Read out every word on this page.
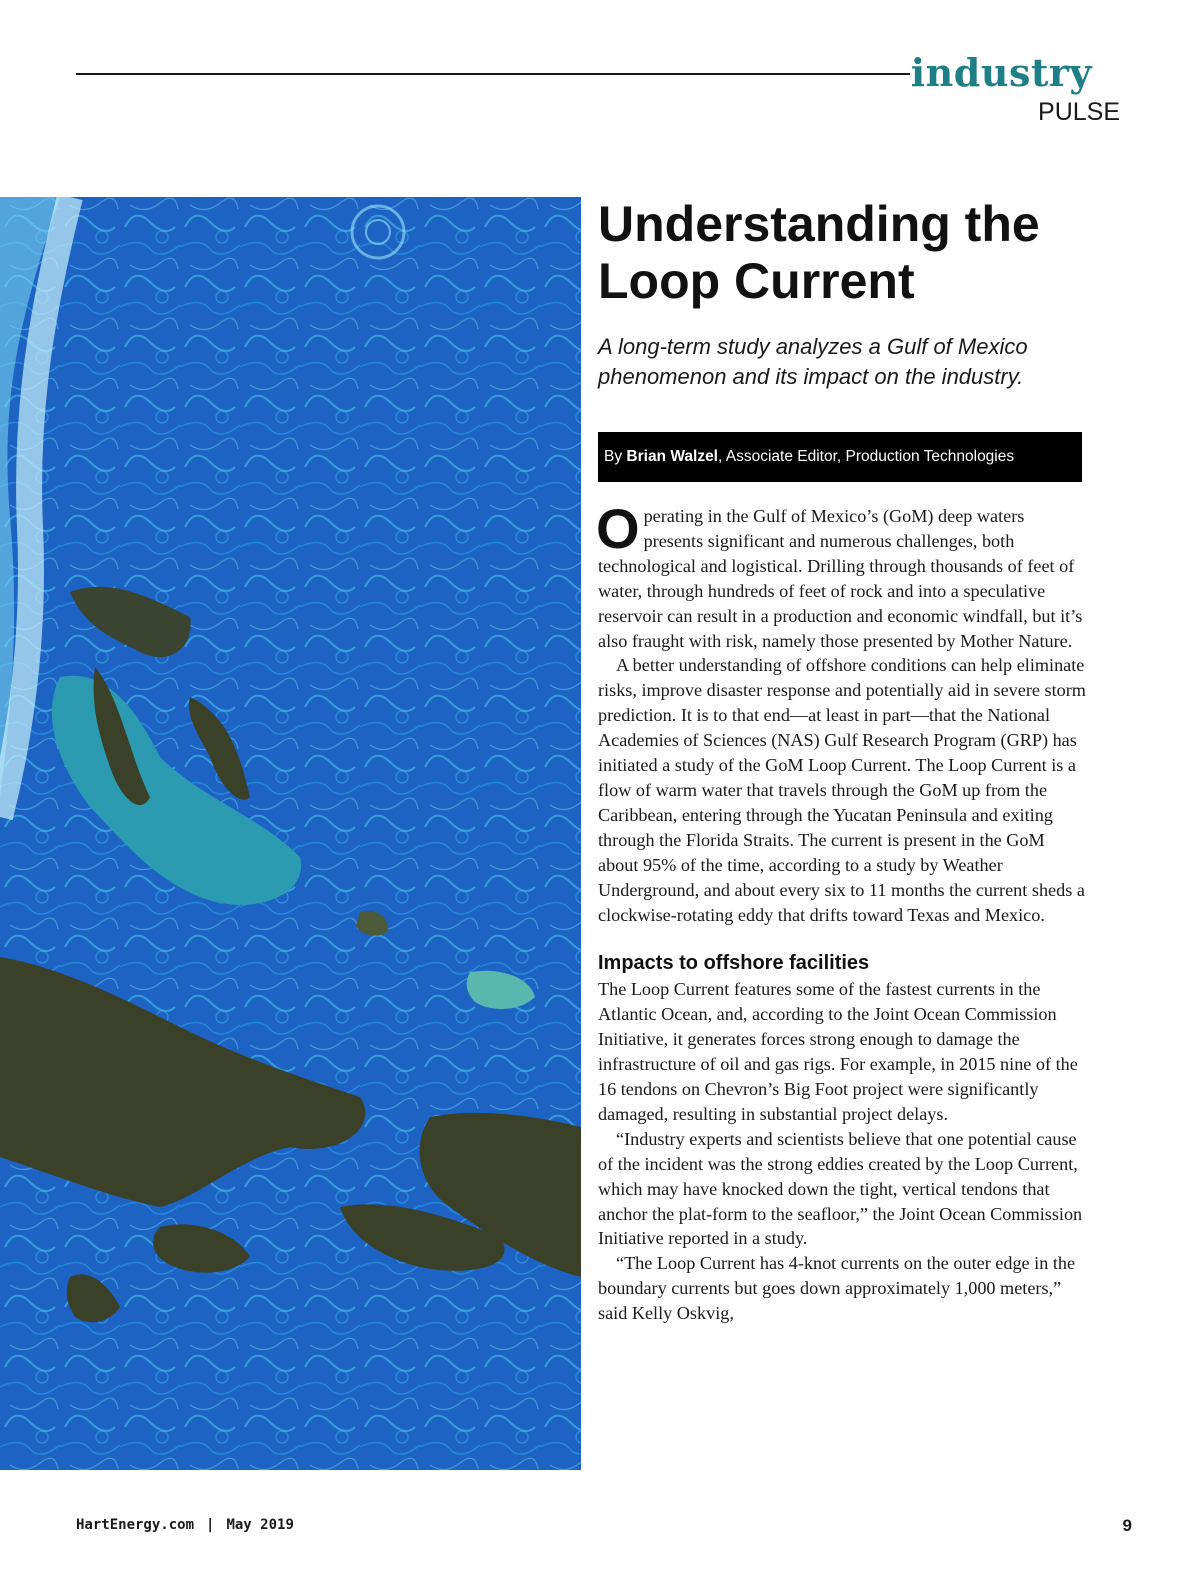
industry
PULSE
Understanding the Loop Current

A long-term study analyzes a Gulf of Mexico phenomenon and its impact on the industry.

By
Brian Walzel , Associate Editor, Production Technologies

Operating in the Gulf of Mexico’s (GoM) deep waters presents significant and numerous challenges, both technological and logistical. Drilling through thousands of feet of water, through hundreds of feet of rock and into a speculative reservoir can result in a production and economic windfall, but it’s also fraught with risk, namely those presented by Mother Nature.

A better understanding of offshore conditions can help eliminate risks, improve disaster response and potentially aid in severe storm prediction. It is to that end—at least in part—that the National Academies of Sciences (NAS) Gulf Research Program (GRP) has initiated a study of the GoM Loop Current. The Loop Current is a flow of warm water that travels through the GoM up from the Caribbean, entering through the Yucatan Peninsula and exiting through the Florida Straits. The current is present in the GoM about 95% of the time, according to a study by Weather Underground, and about every six to 11 months the current sheds a clockwise-rotating eddy that drifts toward Texas and Mexico.

Impacts to offshore facilities

The Loop Current features some of the fastest currents in the Atlantic Ocean, and, according to the Joint Ocean Commission Initiative, it generates forces strong enough to damage the infrastructure of oil and gas rigs. For example, in 2015 nine of the 16 tendons on Chevron’s Big Foot project were significantly damaged, resulting in substantial project delays.

“Industry experts and scientists believe that one potential cause of the incident was the strong eddies created by the Loop Current, which may have knocked down the tight, vertical tendons that anchor the plat-form to the seafloor,” the Joint Ocean Commission Initiative reported in a study.

“The Loop Current has 4-knot currents on the outer edge in the boundary currents but goes down approximately 1,000 meters,” said Kelly Oskvig,

HartEnergy.com | May 2019	9
